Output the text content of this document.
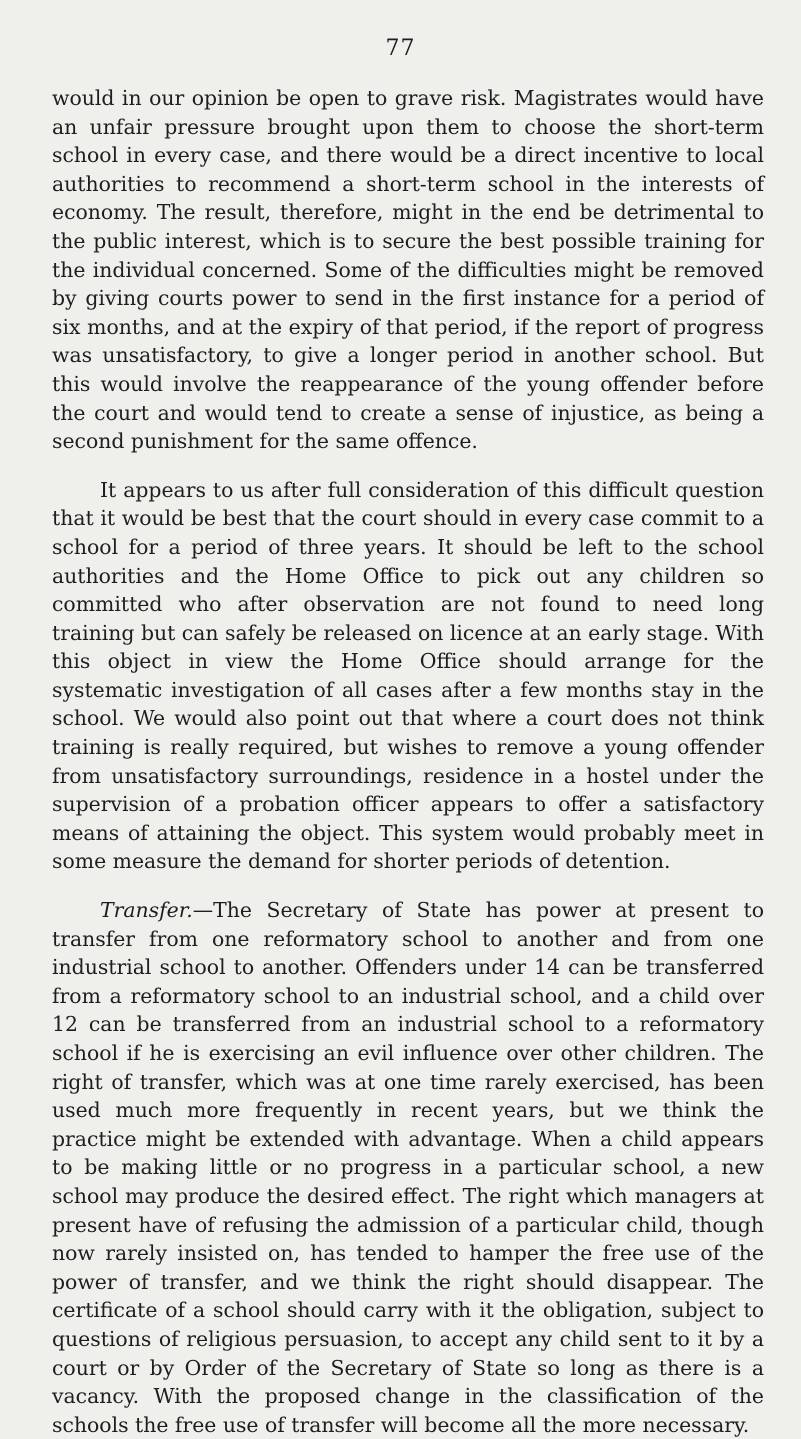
77

would in our opinion be open to grave risk. Magistrates would have an unfair pressure brought upon them to choose the short-term school in every case, and there would be a direct incentive to local authorities to recommend a short-term school in the interests of economy. The result, therefore, might in the end be detrimental to the public interest, which is to secure the best possible training for the individual concerned. Some of the difficulties might be removed by giving courts power to send in the first instance for a period of six months, and at the expiry of that period, if the report of progress was unsatisfactory, to give a longer period in another school. But this would involve the reappearance of the young offender before the court and would tend to create a sense of injustice, as being a second punishment for the same offence.

It appears to us after full consideration of this difficult question that it would be best that the court should in every case commit to a school for a period of three years. It should be left to the school authorities and the Home Office to pick out any children so committed who after observation are not found to need long training but can safely be released on licence at an early stage. With this object in view the Home Office should arrange for the systematic investigation of all cases after a few months stay in the school. We would also point out that where a court does not think training is really required, but wishes to remove a young offender from unsatisfactory surroundings, residence in a hostel under the supervision of a probation officer appears to offer a satisfactory means of attaining the object. This system would probably meet in some measure the demand for shorter periods of detention.

Transfer.—The Secretary of State has power at present to transfer from one reformatory school to another and from one industrial school to another. Offenders under 14 can be transferred from a reformatory school to an industrial school, and a child over 12 can be transferred from an industrial school to a reformatory school if he is exercising an evil influence over other children. The right of transfer, which was at one time rarely exercised, has been used much more frequently in recent years, but we think the practice might be extended with advantage. When a child appears to be making little or no progress in a particular school, a new school may produce the desired effect. The right which managers at present have of refusing the admission of a particular child, though now rarely insisted on, has tended to hamper the free use of the power of transfer, and we think the right should disappear. The certificate of a school should carry with it the obligation, subject to questions of religious persuasion, to accept any child sent to it by a court or by Order of the Secretary of State so long as there is a vacancy. With the proposed change in the classification of the schools the free use of transfer will become all the more necessary.
